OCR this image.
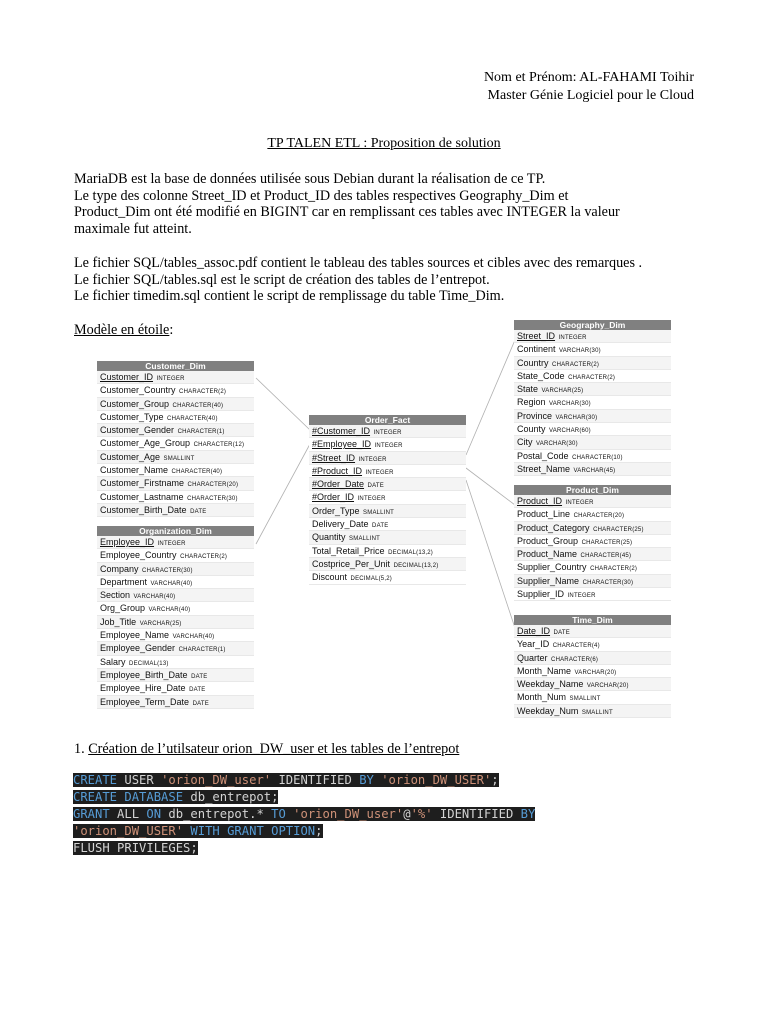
Nom et Prénom: AL-FAHAMI Toihir
Master Génie Logiciel pour le Cloud
TP TALEN ETL : Proposition de solution
MariaDB est la base de données utilisée sous Debian durant la réalisation de ce TP.
Le type des colonne Street_ID et Product_ID des tables respectives Geography_Dim et
Product_Dim ont été modifié en BIGINT car en remplissant ces tables avec INTEGER la valeur
maximale fut atteint.
Le fichier SQL/tables_assoc.pdf contient le tableau des tables sources et cibles avec des remarques .
Le fichier SQL/tables.sql est le script de création des tables de l’entrepot.
Le fichier timedim.sql contient le script de remplissage du table Time_Dim.
Modèle en étoile:
Customer_Dim
Customer_ID INTEGER
Customer_Country CHARACTER(2)
Customer_Group CHARACTER(40)
Customer_Type CHARACTER(40)
Customer_Gender CHARACTER(1)
Customer_Age_Group CHARACTER(12)
Customer_Age SMALLINT
Customer_Name CHARACTER(40)
Customer_Firstname CHARACTER(20)
Customer_Lastname CHARACTER(30)
Customer_Birth_Date DATE
Organization_Dim
Employee_ID INTEGER
Employee_Country CHARACTER(2)
Company CHARACTER(30)
Department VARCHAR(40)
Section VARCHAR(40)
Org_Group VARCHAR(40)
Job_Title VARCHAR(25)
Employee_Name VARCHAR(40)
Employee_Gender CHARACTER(1)
Salary DECIMAL(13)
Employee_Birth_Date DATE
Employee_Hire_Date DATE
Employee_Term_Date DATE
Order_Fact
#Customer_ID INTEGER
#Employee_ID INTEGER
#Street_ID INTEGER
#Product_ID INTEGER
#Order_Date DATE
#Order_ID INTEGER
Order_Type SMALLINT
Delivery_Date DATE
Quantity SMALLINT
Total_Retail_Price DECIMAL(13,2)
Costprice_Per_Unit DECIMAL(13,2)
Discount DECIMAL(5,2)
Geography_Dim
Street_ID INTEGER
Continent VARCHAR(30)
Country CHARACTER(2)
State_Code CHARACTER(2)
State VARCHAR(25)
Region VARCHAR(30)
Province VARCHAR(30)
County VARCHAR(60)
City VARCHAR(30)
Postal_Code CHARACTER(10)
Street_Name VARCHAR(45)
Product_Dim
Product_ID INTEGER
Product_Line CHARACTER(20)
Product_Category CHARACTER(25)
Product_Group CHARACTER(25)
Product_Name CHARACTER(45)
Supplier_Country CHARACTER(2)
Supplier_Name CHARACTER(30)
Supplier_ID INTEGER
Time_Dim
Date_ID DATE
Year_ID CHARACTER(4)
Quarter CHARACTER(6)
Month_Name VARCHAR(20)
Weekday_Name VARCHAR(20)
Month_Num SMALLINT
Weekday_Num SMALLINT
1. Création de l’utilsateur orion_DW_user et les tables de l’entrepot
CREATE USER 'orion_DW_user' IDENTIFIED BY 'orion_DW_USER';
CREATE DATABASE db_entrepot;
GRANT ALL ON db_entrepot.* TO 'orion_DW_user'@'%' IDENTIFIED BY
'orion_DW_USER' WITH GRANT OPTION;
FLUSH PRIVILEGES;
